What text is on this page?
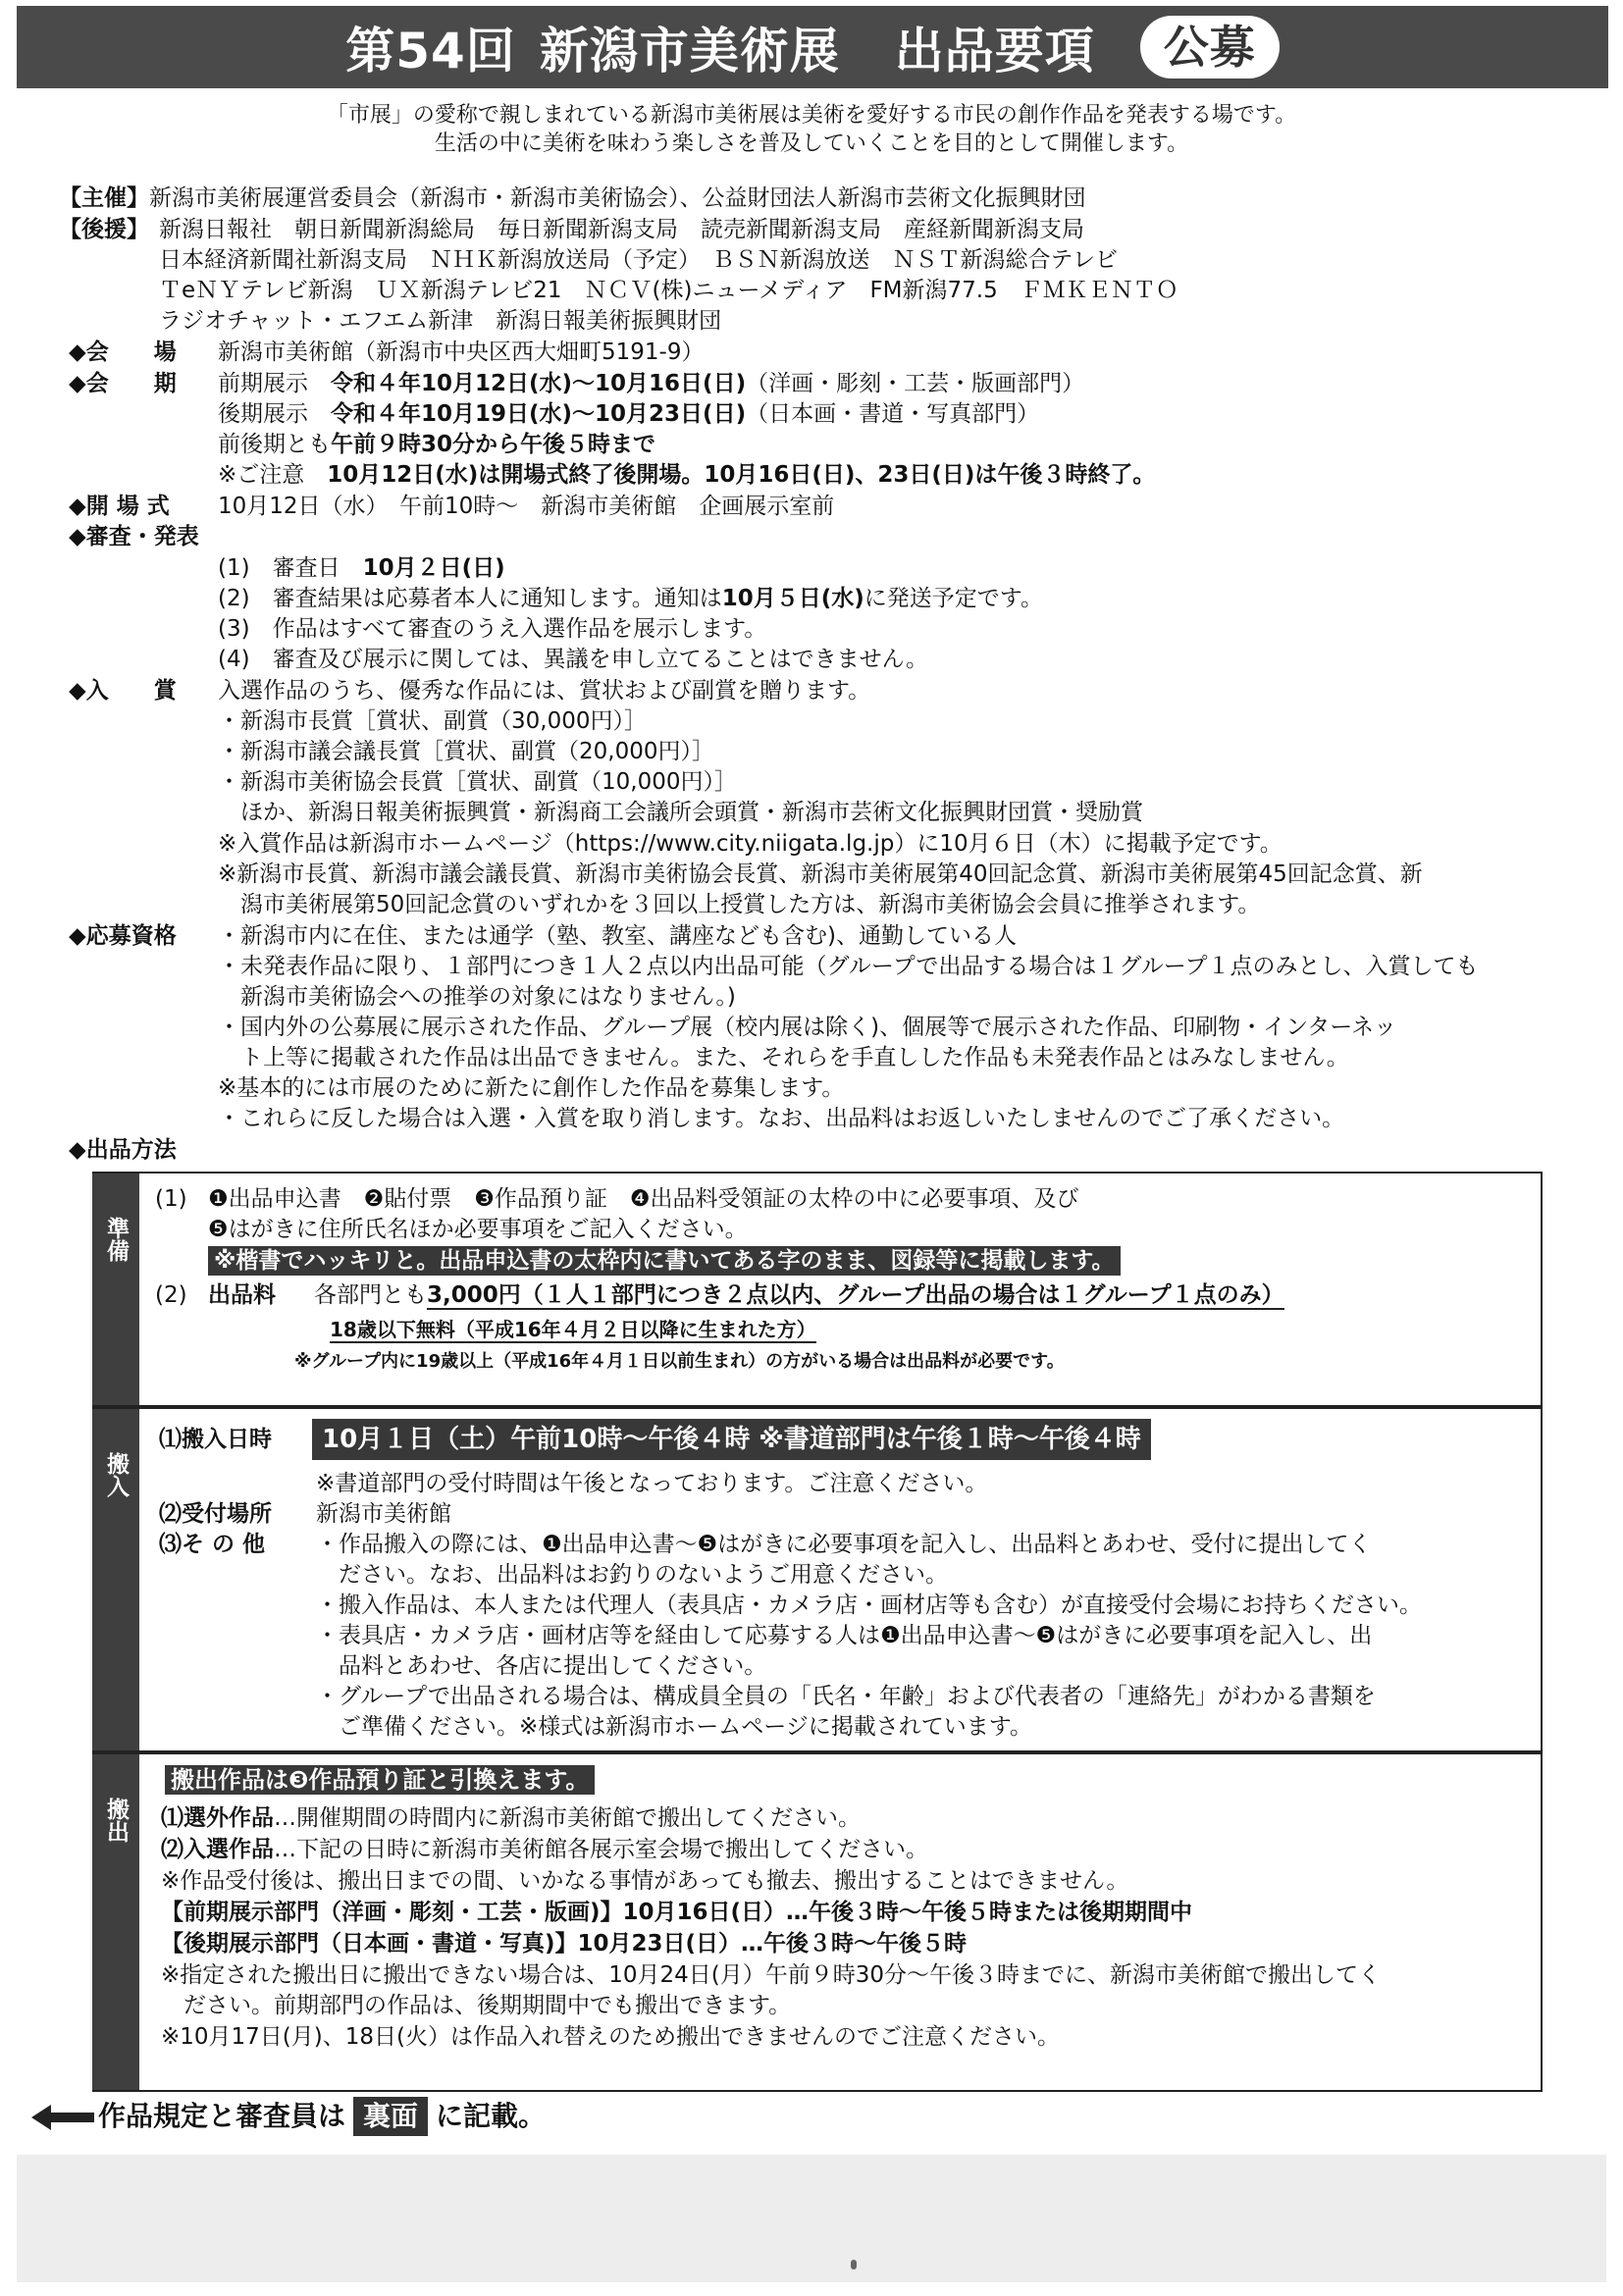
第54回 新潟市美術展 出品要項	公募
「市展」の愛称で親しまれている新潟市美術展は美術を愛好する市民の創作作品を発表する場です。
生活の中に美術を味わう楽しさを普及していくことを目的として開催します。
【主催】新潟市美術展運営委員会（新潟市・新潟市美術協会）、公益財団法人新潟市芸術文化振興財団
【後援】 新潟日報社　朝日新聞新潟総局　毎日新聞新潟支局　読売新聞新潟支局　産経新聞新潟支局
日本経済新聞社新潟支局　ＮＨＫ新潟放送局（予定）　ＢＳＮ新潟放送　ＮＳＴ新潟総合テレビ
ＴeＮＹテレビ新潟　ＵＸ新潟テレビ21　ＮＣＶ(株)ニューメディア　FM新潟77.5　ＦＭＫＥＮＴＯ
ラジオチャット・エフエム新津　新潟日報美術振興財団
◆会　　場 新潟市美術館（新潟市中央区西大畑町5191-9）
◆会　　期 前期展示　 令和４年10月12日(水)～10月16日(日)（洋画・彫刻・工芸・版画部門）
後期展示　 令和４年10月19日(水)～10月23日(日)（日本画・書道・写真部門）
前後期とも午前９時30分から午後５時まで
※ご注意　 10月12日(水)は開場式終了後開場。10月16日(日)、23日(日)は午後３時終了。
◆開 場 式 10月12日（水）　午前10時～　新潟市美術館　企画展示室前
◆審査・発表
(1)　 審査日　 10月２日(日)
(2)　 審査結果は応募者本人に通知します。通知は10月５日(水)に発送予定です。
(3)　 作品はすべて審査のうえ入選作品を展示します。
(4)　 審査及び展示に関しては、異議を申し立てることはできません。
◆入　　賞 入選作品のうち、優秀な作品には、賞状および副賞を贈ります。
・新潟市長賞［賞状、副賞（30,000円）］
・新潟市議会議長賞［賞状、副賞（20,000円）］
・新潟市美術協会長賞［賞状、副賞（10,000円）］
ほか、新潟日報美術振興賞・新潟商工会議所会頭賞・新潟市芸術文化振興財団賞・奨励賞
※入賞作品は新潟市ホームページ（https://www.city.niigata.lg.jp）に10月６日（木）に掲載予定です。
※新潟市長賞、新潟市議会議長賞、新潟市美術協会長賞、新潟市美術展第40回記念賞、新潟市美術展第45回記念賞、新
潟市美術展第50回記念賞のいずれかを３回以上授賞した方は、新潟市美術協会会員に推挙されます。
◆応募資格 ・新潟市内に在住、または通学（塾、教室、講座なども含む)、通勤している人
・未発表作品に限り、１部門につき１人２点以内出品可能（グループで出品する場合は１グループ１点のみとし、入賞しても
新潟市美術協会への推挙の対象にはなりません。)
・国内外の公募展に展示された作品、グループ展（校内展は除く)、個展等で展示された作品、印刷物・インターネッ
ト上等に掲載された作品は出品できません。また、それらを手直しした作品も未発表作品とはみなしません。
※基本的には市展のために新たに創作した作品を募集します。
・これらに反した場合は入選・入賞を取り消します。なお、出品料はお返しいたしませんのでご了承ください。
◆出品方法
準備
(1) ❶出品申込書　❷貼付票　❸作品預り証　❹出品料受領証の太枠の中に必要事項、及び
❺はがきに住所氏名ほか必要事項をご記入ください。
※楷書でハッキリと。出品申込書の太枠内に書いてある字のまま、図録等に掲載します。
(2) 出品料 各部門とも3,000円（１人１部門につき２点以内、グループ出品の場合は１グループ１点のみ）
18歳以下無料（平成16年４月２日以降に生まれた方）
※グループ内に19歳以上（平成16年４月１日以前生まれ）の方がいる場合は出品料が必要です。
搬入
⑴搬入日時	10月１日（土）午前10時～午後４時 ※書道部門は午後１時～午後４時
※書道部門の受付時間は午後となっております。ご注意ください。
⑵受付場所 新潟市美術館
⑶そ の 他 ・作品搬入の際には、❶出品申込書～❺はがきに必要事項を記入し、出品料とあわせ、受付に提出してく
ださい。なお、出品料はお釣りのないようご用意ください。
・搬入作品は、本人または代理人（表具店・カメラ店・画材店等も含む）が直接受付会場にお持ちください。
・表具店・カメラ店・画材店等を経由して応募する人は❶出品申込書～❺はがきに必要事項を記入し、出
品料とあわせ、各店に提出してください。
・グループで出品される場合は、構成員全員の「氏名・年齢」および代表者の「連絡先」がわかる書類を
ご準備ください。※様式は新潟市ホームページに掲載されています。
搬出
搬出作品は❸作品預り証と引換えます。
⑴選外作品…開催期間の時間内に新潟市美術館で搬出してください。
⑵入選作品…下記の日時に新潟市美術館各展示室会場で搬出してください。
※作品受付後は、搬出日までの間、いかなる事情があっても撤去、搬出することはできません。
【前期展示部門（洋画・彫刻・工芸・版画)】10月16日(日）…午後３時～午後５時または後期期間中
【後期展示部門（日本画・書道・写真)】10月23日(日）…午後３時～午後５時
※指定された搬出日に搬出できない場合は、10月24日(月）午前９時30分～午後３時までに、新潟市美術館で搬出してく
ださい。前期部門の作品は、後期期間中でも搬出できます。
※10月17日(月)、18日(火）は作品入れ替えのため搬出できませんのでご注意ください。
作品規定と審査員は 裏面 に記載。
